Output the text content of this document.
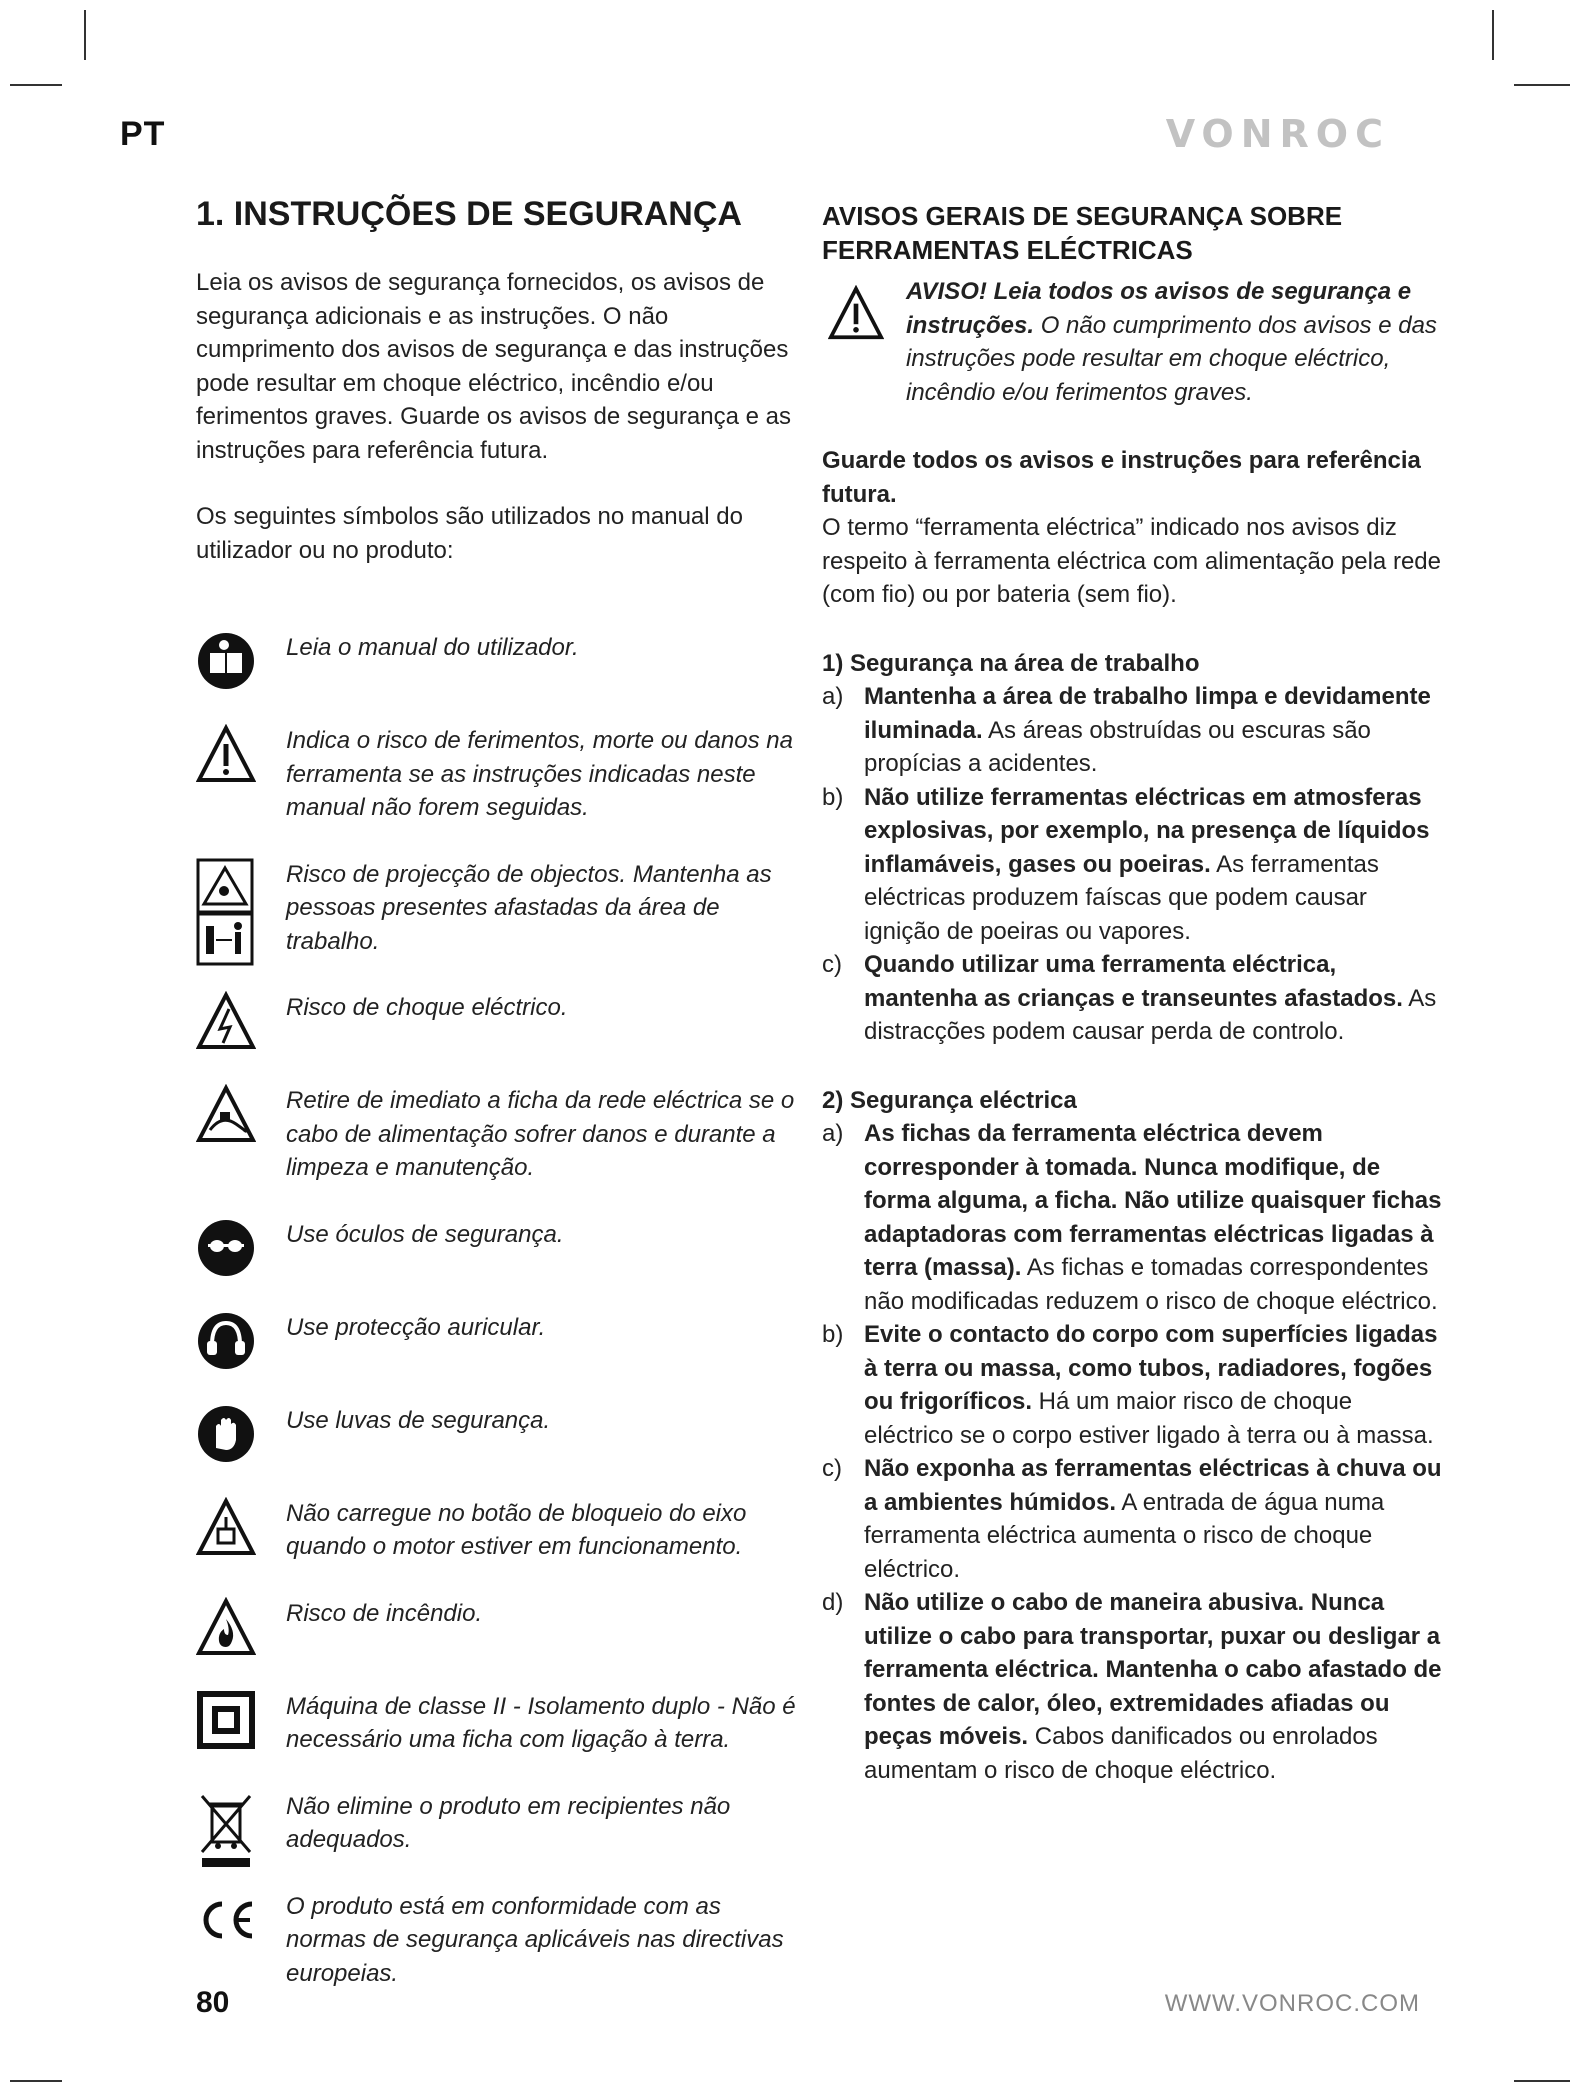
PT	VONROC
1. INSTRUÇÕES DE SEGURANÇA

Leia os avisos de segurança fornecidos, os avisos de segurança adicionais e as instruções. O não cumprimento dos avisos de segurança e das instruções pode resultar em choque eléctrico, incêndio e/ou ferimentos graves. Guarde os avisos de segurança e as instruções para referência futura.

Os seguintes símbolos são utilizados no manual do utilizador ou no produto:

Leia o manual do utilizador.
Indica o risco de ferimentos, morte ou danos na ferramenta se as instruções indicadas neste manual não forem seguidas.
Risco de projecção de objectos. Mantenha as pessoas presentes afastadas da área de trabalho.
Risco de choque eléctrico.
Retire de imediato a ficha da rede eléctrica se o cabo de alimentação sofrer danos e durante a limpeza e manutenção.
Use óculos de segurança.
Use protecção auricular.
Use luvas de segurança.
Não carregue no botão de bloqueio do eixo quando o motor estiver em funcionamento.
Risco de incêndio.
Máquina de classe II - Isolamento duplo - Não é necessário uma ficha com ligação à terra.
Não elimine o produto em recipientes não adequados.
O produto está em conformidade com as normas de segurança aplicáveis nas directivas europeias.
AVISOS GERAIS DE SEGURANÇA SOBRE FERRAMENTAS ELÉCTRICAS
AVISO! Leia todos os avisos de segurança e instruções. O não cumprimento dos avisos e das instruções pode resultar em choque eléctrico, incêndio e/ou ferimentos graves.
Guarde todos os avisos e instruções para referência futura.

O termo “ferramenta eléctrica” indicado nos avisos diz respeito à ferramenta eléctrica com alimentação pela rede (com fio) ou por bateria (sem fio).

1) Segurança na área de trabalho
a) Mantenha a área de trabalho limpa e devidamente iluminada. As áreas obstruídas ou escuras são propícias a acidentes.
b) Não utilize ferramentas eléctricas em atmosferas explosivas, por exemplo, na presença de líquidos inflamáveis, gases ou poeiras. As ferramentas eléctricas produzem faíscas que podem causar ignição de poeiras ou vapores.
c) Quando utilizar uma ferramenta eléctrica, mantenha as crianças e transeuntes afastados. As distracções podem causar perda de controlo.
2) Segurança eléctrica
a) As fichas da ferramenta eléctrica devem corresponder à tomada. Nunca modifique, de forma alguma, a ficha. Não utilize quaisquer fichas adaptadoras com ferramentas eléctricas ligadas à terra (massa). As fichas e tomadas correspondentes não modificadas reduzem o risco de choque eléctrico.
b) Evite o contacto do corpo com superfícies ligadas à terra ou massa, como tubos, radiadores, fogões ou frigoríficos. Há um maior risco de choque eléctrico se o corpo estiver ligado à terra ou à massa.
c) Não exponha as ferramentas eléctricas à chuva ou a ambientes húmidos. A entrada de água numa ferramenta eléctrica aumenta o risco de choque eléctrico.
d) Não utilize o cabo de maneira abusiva. Nunca utilize o cabo para transportar, puxar ou desligar a ferramenta eléctrica. Mantenha o cabo afastado de fontes de calor, óleo, extremidades afiadas ou peças móveis. Cabos danificados ou enrolados aumentam o risco de choque eléctrico.
80	WWW.VONROC.COM
